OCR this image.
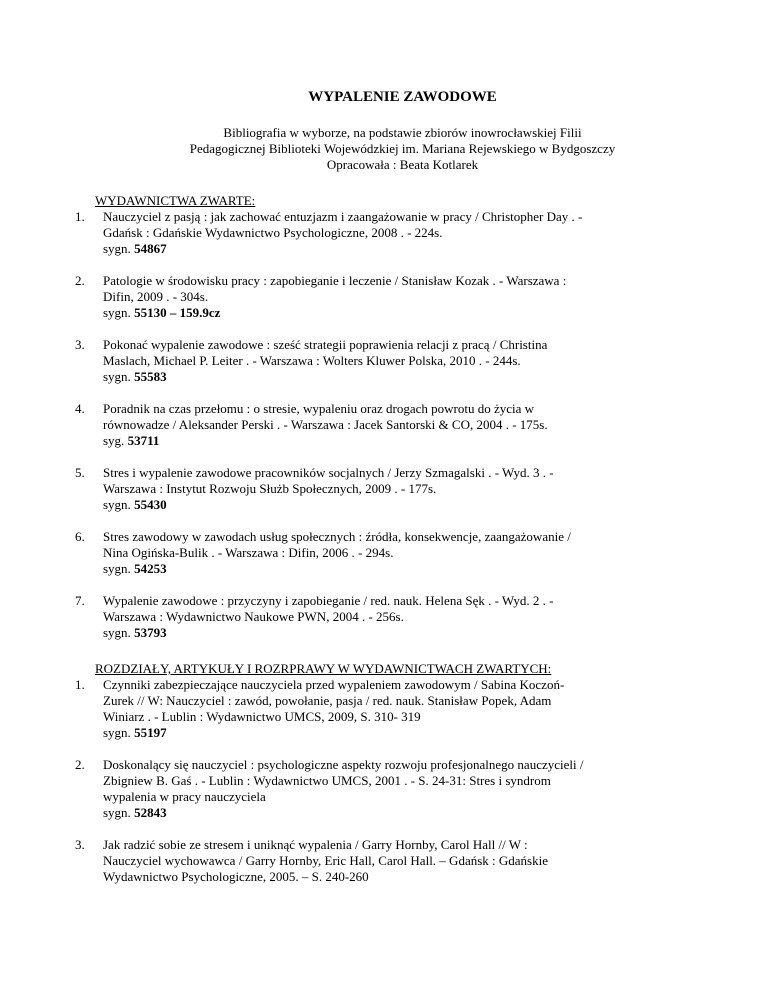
WYPALENIE ZAWODOWE
Bibliografia w wyborze, na podstawie zbiorów inowrocławskiej Filii
Pedagogicznej Biblioteki Wojewódzkiej im. Mariana Rejewskiego w Bydgoszczy
Opracowała : Beata Kotlarek
WYDAWNICTWA ZWARTE:
1. Nauczyciel z pasją : jak zachować entuzjazm i zaangażowanie w pracy / Christopher Day . -
Gdańsk : Gdańskie Wydawnictwo Psychologiczne, 2008 . - 224s.
sygn. 54867
2. Patologie w środowisku pracy : zapobieganie i leczenie / Stanisław Kozak . - Warszawa :
Difin, 2009 . - 304s.
sygn. 55130 – 159.9cz
3. Pokonać wypalenie zawodowe : sześć strategii poprawienia relacji z pracą / Christina
Maslach, Michael P. Leiter . - Warszawa : Wolters Kluwer Polska, 2010 . - 244s.
sygn. 55583
4. Poradnik na czas przełomu : o stresie, wypaleniu oraz drogach powrotu do życia w
równowadze / Aleksander Perski . - Warszawa : Jacek Santorski & CO, 2004 . - 175s.
syg. 53711
5. Stres i wypalenie zawodowe pracowników socjalnych / Jerzy Szmagalski . - Wyd. 3 . -
Warszawa : Instytut Rozwoju Służb Społecznych, 2009 . - 177s.
sygn. 55430
6. Stres zawodowy w zawodach usług społecznych : źródła, konsekwencje, zaangażowanie /
Nina Ogińska-Bulik . - Warszawa : Difin, 2006 . - 294s.
sygn. 54253
7. Wypalenie zawodowe : przyczyny i zapobieganie / red. nauk. Helena Sęk . - Wyd. 2 . -
Warszawa : Wydawnictwo Naukowe PWN, 2004 . - 256s.
sygn. 53793
ROZDZIAŁY, ARTYKUŁY I ROZRPRAWY W WYDAWNICTWACH ZWARTYCH:
1. Czynniki zabezpieczające nauczyciela przed wypaleniem zawodowym / Sabina Koczoń-
Zurek // W: Nauczyciel : zawód, powołanie, pasja / red. nauk. Stanisław Popek, Adam
Winiarz . - Lublin : Wydawnictwo UMCS, 2009, S. 310- 319
sygn. 55197
2. Doskonalący się nauczyciel : psychologiczne aspekty rozwoju profesjonalnego nauczycieli /
Zbigniew B. Gaś . - Lublin : Wydawnictwo UMCS, 2001 . - S. 24-31: Stres i syndrom
wypalenia w pracy nauczyciela
sygn. 52843
3. Jak radzić sobie ze stresem i uniknąć wypalenia / Garry Hornby, Carol Hall // W :
Nauczyciel wychowawca / Garry Hornby, Eric Hall, Carol Hall. – Gdańsk : Gdańskie
Wydawnictwo Psychologiczne, 2005. – S. 240-260
